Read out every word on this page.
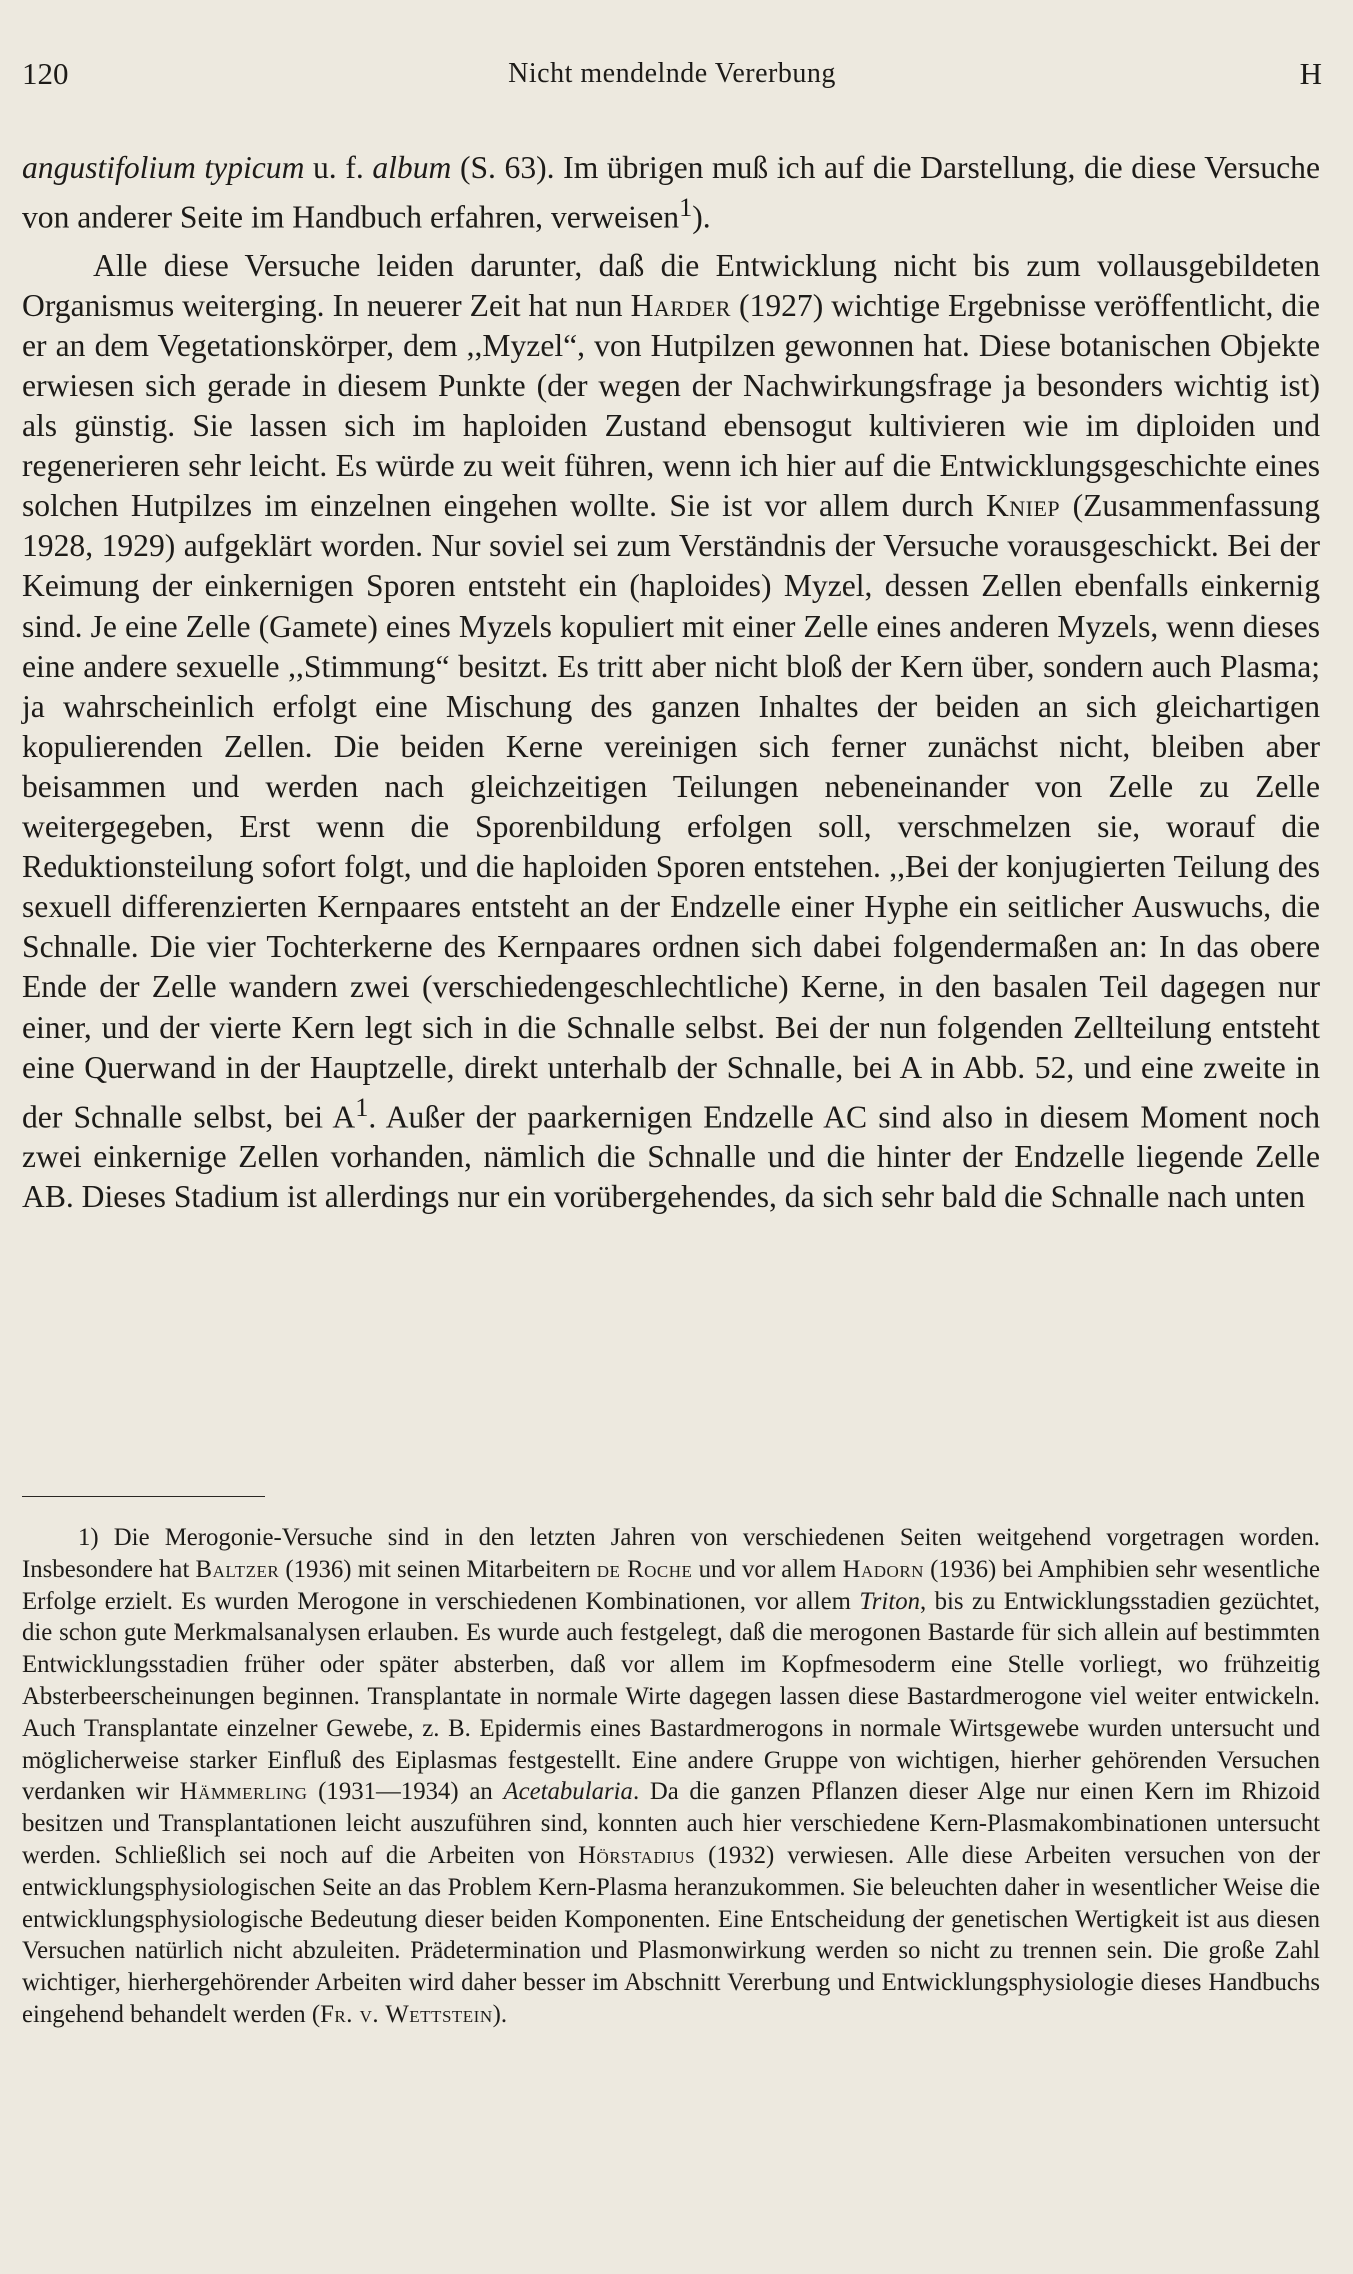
120	Nicht mendelnde Vererbung	H

angustifolium typicum u. f. album (S. 63). Im übrigen muß ich auf die Darstellung, die diese Versuche von anderer Seite im Handbuch erfahren, verweisen$^1$).

Alle diese Versuche leiden darunter, daß die Entwicklung nicht bis zum vollausgebildeten Organismus weiterging. In neuerer Zeit hat nun Harder (1927) wichtige Ergebnisse veröffentlicht, die er an dem Vegetationskörper, dem ,,Myzel“, von Hutpilzen gewonnen hat. Diese botanischen Objekte erwiesen sich gerade in diesem Punkte (der wegen der Nachwirkungsfrage ja besonders wichtig ist) als günstig. Sie lassen sich im haploiden Zustand ebensogut kultivieren wie im diploiden und regenerieren sehr leicht. Es würde zu weit führen, wenn ich hier auf die Entwicklungsgeschichte eines solchen Hutpilzes im einzelnen eingehen wollte. Sie ist vor allem durch Kniep (Zusammenfassung 1928, 1929) aufgeklärt worden. Nur soviel sei zum Verständnis der Versuche vorausgeschickt. Bei der Keimung der einkernigen Sporen entsteht ein (haploides) Myzel, dessen Zellen ebenfalls einkernig sind. Je eine Zelle (Gamete) eines Myzels kopuliert mit einer Zelle eines anderen Myzels, wenn dieses eine andere sexuelle ,,Stimmung“ besitzt. Es tritt aber nicht bloß der Kern über, sondern auch Plasma; ja wahrscheinlich erfolgt eine Mischung des ganzen Inhaltes der beiden an sich gleichartigen kopulierenden Zellen. Die beiden Kerne vereinigen sich ferner zunächst nicht, bleiben aber beisammen und werden nach gleichzeitigen Teilungen nebeneinander von Zelle zu Zelle weitergegeben, Erst wenn die Sporenbildung erfolgen soll, verschmelzen sie, worauf die Reduktionsteilung sofort folgt, und die haploiden Sporen entstehen. ,,Bei der konjugierten Teilung des sexuell differenzierten Kernpaares entsteht an der Endzelle einer Hyphe ein seitlicher Auswuchs, die Schnalle. Die vier Tochterkerne des Kernpaares ordnen sich dabei folgendermaßen an: In das obere Ende der Zelle wandern zwei (verschiedengeschlechtliche) Kerne, in den basalen Teil dagegen nur einer, und der vierte Kern legt sich in die Schnalle selbst. Bei der nun folgenden Zellteilung entsteht eine Querwand in der Hauptzelle, direkt unterhalb der Schnalle, bei A in Abb. 52, und eine zweite in der Schnalle selbst, bei $A^1$. Außer der paarkernigen Endzelle AC sind also in diesem Moment noch zwei einkernige Zellen vorhanden, nämlich die Schnalle und die hinter der Endzelle liegende Zelle AB. Dieses Stadium ist allerdings nur ein vorübergehendes, da sich sehr bald die Schnalle nach unten

1) Die Merogonie-Versuche sind in den letzten Jahren von verschiedenen Seiten weitgehend vorgetragen worden. Insbesondere hat Baltzer (1936) mit seinen Mitarbeitern de Roche und vor allem Hadorn (1936) bei Amphibien sehr wesentliche Erfolge erzielt. Es wurden Merogone in verschiedenen Kombinationen, vor allem Triton, bis zu Entwicklungsstadien gezüchtet, die schon gute Merkmalsanalysen erlauben. Es wurde auch festgelegt, daß die merogonen Bastarde für sich allein auf bestimmten Entwicklungsstadien früher oder später absterben, daß vor allem im Kopfmesoderm eine Stelle vorliegt, wo frühzeitig Absterbeerscheinungen beginnen. Transplantate in normale Wirte dagegen lassen diese Bastardmerogone viel weiter entwickeln. Auch Transplantate einzelner Gewebe, z. B. Epidermis eines Bastardmerogons in normale Wirtsgewebe wurden untersucht und möglicherweise starker Einfluß des Eiplasmas festgestellt. Eine andere Gruppe von wichtigen, hierher gehörenden Versuchen verdanken wir Hämmerling (1931—1934) an Acetabularia. Da die ganzen Pflanzen dieser Alge nur einen Kern im Rhizoid besitzen und Transplantationen leicht auszuführen sind, konnten auch hier verschiedene Kern-Plasmakombinationen untersucht werden. Schließlich sei noch auf die Arbeiten von Hörstadius (1932) verwiesen. Alle diese Arbeiten versuchen von der entwicklungsphysiologischen Seite an das Problem Kern-Plasma heranzukommen. Sie beleuchten daher in wesentlicher Weise die entwicklungsphysiologische Bedeutung dieser beiden Komponenten. Eine Entscheidung der genetischen Wertigkeit ist aus diesen Versuchen natürlich nicht abzuleiten. Prädetermination und Plasmonwirkung werden so nicht zu trennen sein. Die große Zahl wichtiger, hierhergehörender Arbeiten wird daher besser im Abschnitt Vererbung und Entwicklungsphysiologie dieses Handbuchs eingehend behandelt werden (Fr. v. Wettstein).
